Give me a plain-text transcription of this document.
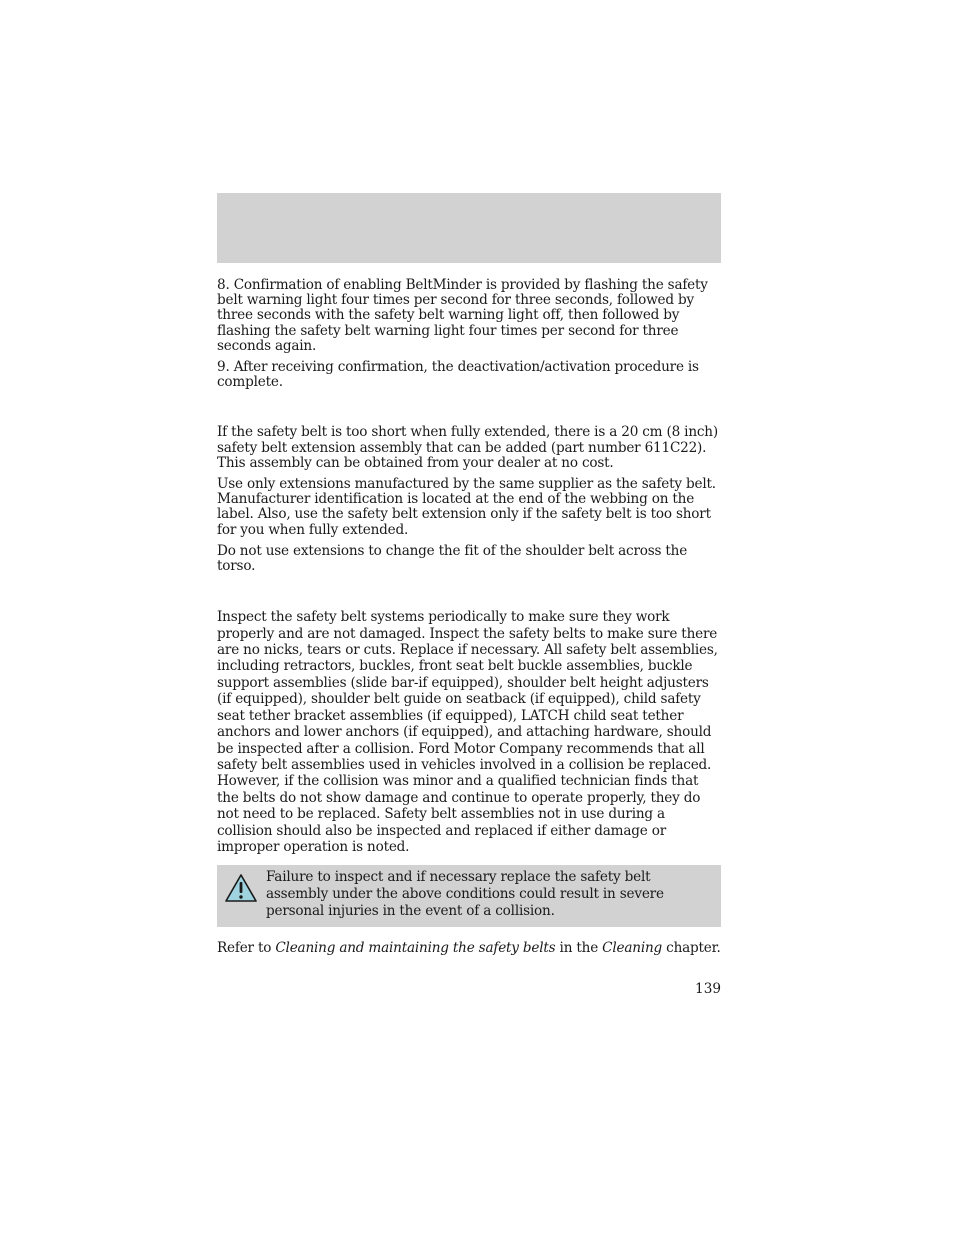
8. Confirmation of enabling BeltMinder is provided by flashing the safety belt warning light four times per second for three seconds, followed by three seconds with the safety belt warning light off, then followed by flashing the safety belt warning light four times per second for three seconds again.

9. After receiving confirmation, the deactivation/activation procedure is complete.

If the safety belt is too short when fully extended, there is a 20 cm (8 inch) safety belt extension assembly that can be added (part number 611C22). This assembly can be obtained from your dealer at no cost.

Use only extensions manufactured by the same supplier as the safety belt. Manufacturer identification is located at the end of the webbing on the label. Also, use the safety belt extension only if the safety belt is too short for you when fully extended.

Do not use extensions to change the fit of the shoulder belt across the torso.

Inspect the safety belt systems periodically to make sure they work properly and are not damaged. Inspect the safety belts to make sure there are no nicks, tears or cuts. Replace if necessary. All safety belt assemblies, including retractors, buckles, front seat belt buckle assemblies, buckle support assemblies (slide bar-if equipped), shoulder belt height adjusters (if equipped), shoulder belt guide on seatback (if equipped), child safety seat tether bracket assemblies (if equipped), LATCH child seat tether anchors and lower anchors (if equipped), and attaching hardware, should be inspected after a collision. Ford Motor Company recommends that all safety belt assemblies used in vehicles involved in a collision be replaced. However, if the collision was minor and a qualified technician finds that the belts do not show damage and continue to operate properly, they do not need to be replaced. Safety belt assemblies not in use during a collision should also be inspected and replaced if either damage or improper operation is noted.

Failure to inspect and if necessary replace the safety belt assembly under the above conditions could result in severe personal injuries in the event of a collision.

Refer to Cleaning and maintaining the safety belts in the Cleaning chapter.

139
